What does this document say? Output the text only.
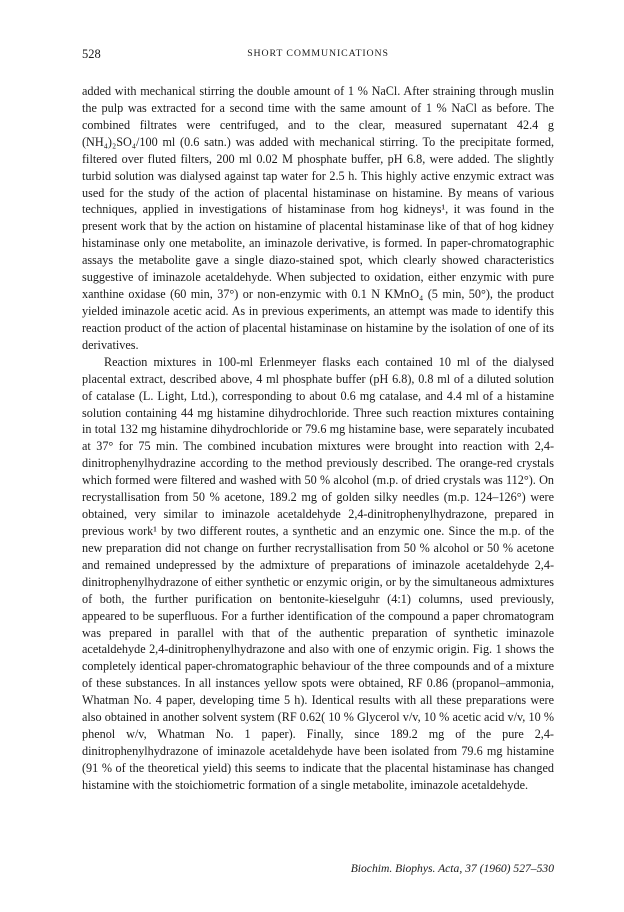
528	SHORT COMMUNICATIONS

added with mechanical stirring the double amount of 1 % NaCl. After straining through muslin the pulp was extracted for a second time with the same amount of 1 % NaCl as before. The combined filtrates were centrifuged, and to the clear, measured supernatant 42.4 g (NH₄)₂SO₄/100 ml (0.6 satn.) was added with mechanical stirring. To the precipitate formed, filtered over fluted filters, 200 ml 0.02 M phosphate buffer, pH 6.8, were added. The slightly turbid solution was dialysed against tap water for 2.5 h. This highly active enzymic extract was used for the study of the action of placental histaminase on histamine. By means of various techniques, applied in investigations of histaminase from hog kidneys¹, it was found in the present work that by the action on histamine of placental histaminase like of that of hog kidney histaminase only one metabolite, an iminazole derivative, is formed. In paper-chromatographic assays the metabolite gave a single diazo-stained spot, which clearly showed characteristics suggestive of iminazole acetaldehyde. When subjected to oxidation, either enzymic with pure xanthine oxidase (60 min, 37°) or non-enzymic with 0.1 N KMnO₄ (5 min, 50°), the product yielded iminazole acetic acid. As in previous experiments, an attempt was made to identify this reaction product of the action of placental histaminase on histamine by the isolation of one of its derivatives.

Reaction mixtures in 100-ml Erlenmeyer flasks each contained 10 ml of the dialysed placental extract, described above, 4 ml phosphate buffer (pH 6.8), 0.8 ml of a diluted solution of catalase (L. Light, Ltd.), corresponding to about 0.6 mg catalase, and 4.4 ml of a histamine solution containing 44 mg histamine dihydrochloride. Three such reaction mixtures containing in total 132 mg histamine dihydrochloride or 79.6 mg histamine base, were separately incubated at 37° for 75 min. The combined incubation mixtures were brought into reaction with 2,4-dinitrophenylhydrazine according to the method previously described. The orange-red crystals which formed were filtered and washed with 50 % alcohol (m.p. of dried crystals was 112°). On recrystallisation from 50 % acetone, 189.2 mg of golden silky needles (m.p. 124–126°) were obtained, very similar to iminazole acetaldehyde 2,4-dinitrophenylhydrazone, prepared in previous work¹ by two different routes, a synthetic and an enzymic one. Since the m.p. of the new preparation did not change on further recrystallisation from 50 % alcohol or 50 % acetone and remained undepressed by the admixture of preparations of iminazole acetaldehyde 2,4-dinitrophenylhydrazone of either synthetic or enzymic origin, or by the simultaneous admixtures of both, the further purification on bentonite-kieselguhr (4:1) columns, used previously, appeared to be superfluous. For a further identification of the compound a paper chromatogram was prepared in parallel with that of the authentic preparation of synthetic iminazole acetaldehyde 2,4-dinitrophenylhydrazone and also with one of enzymic origin. Fig. 1 shows the completely identical paper-chromatographic behaviour of the three compounds and of a mixture of these substances. In all instances yellow spots were obtained, RF 0.86 (propanol–ammonia, Whatman No. 4 paper, developing time 5 h). Identical results with all these preparations were also obtained in another solvent system (RF 0.62( 10 % Glycerol v/v, 10 % acetic acid v/v, 10 % phenol w/v, Whatman No. 1 paper). Finally, since 189.2 mg of the pure 2,4-dinitrophenylhydrazone of iminazole acetaldehyde have been isolated from 79.6 mg histamine (91 % of the theoretical yield) this seems to indicate that the placental histaminase has changed histamine with the stoichiometric formation of a single metabolite, iminazole acetaldehyde.

Biochim. Biophys. Acta, 37 (1960) 527–530
